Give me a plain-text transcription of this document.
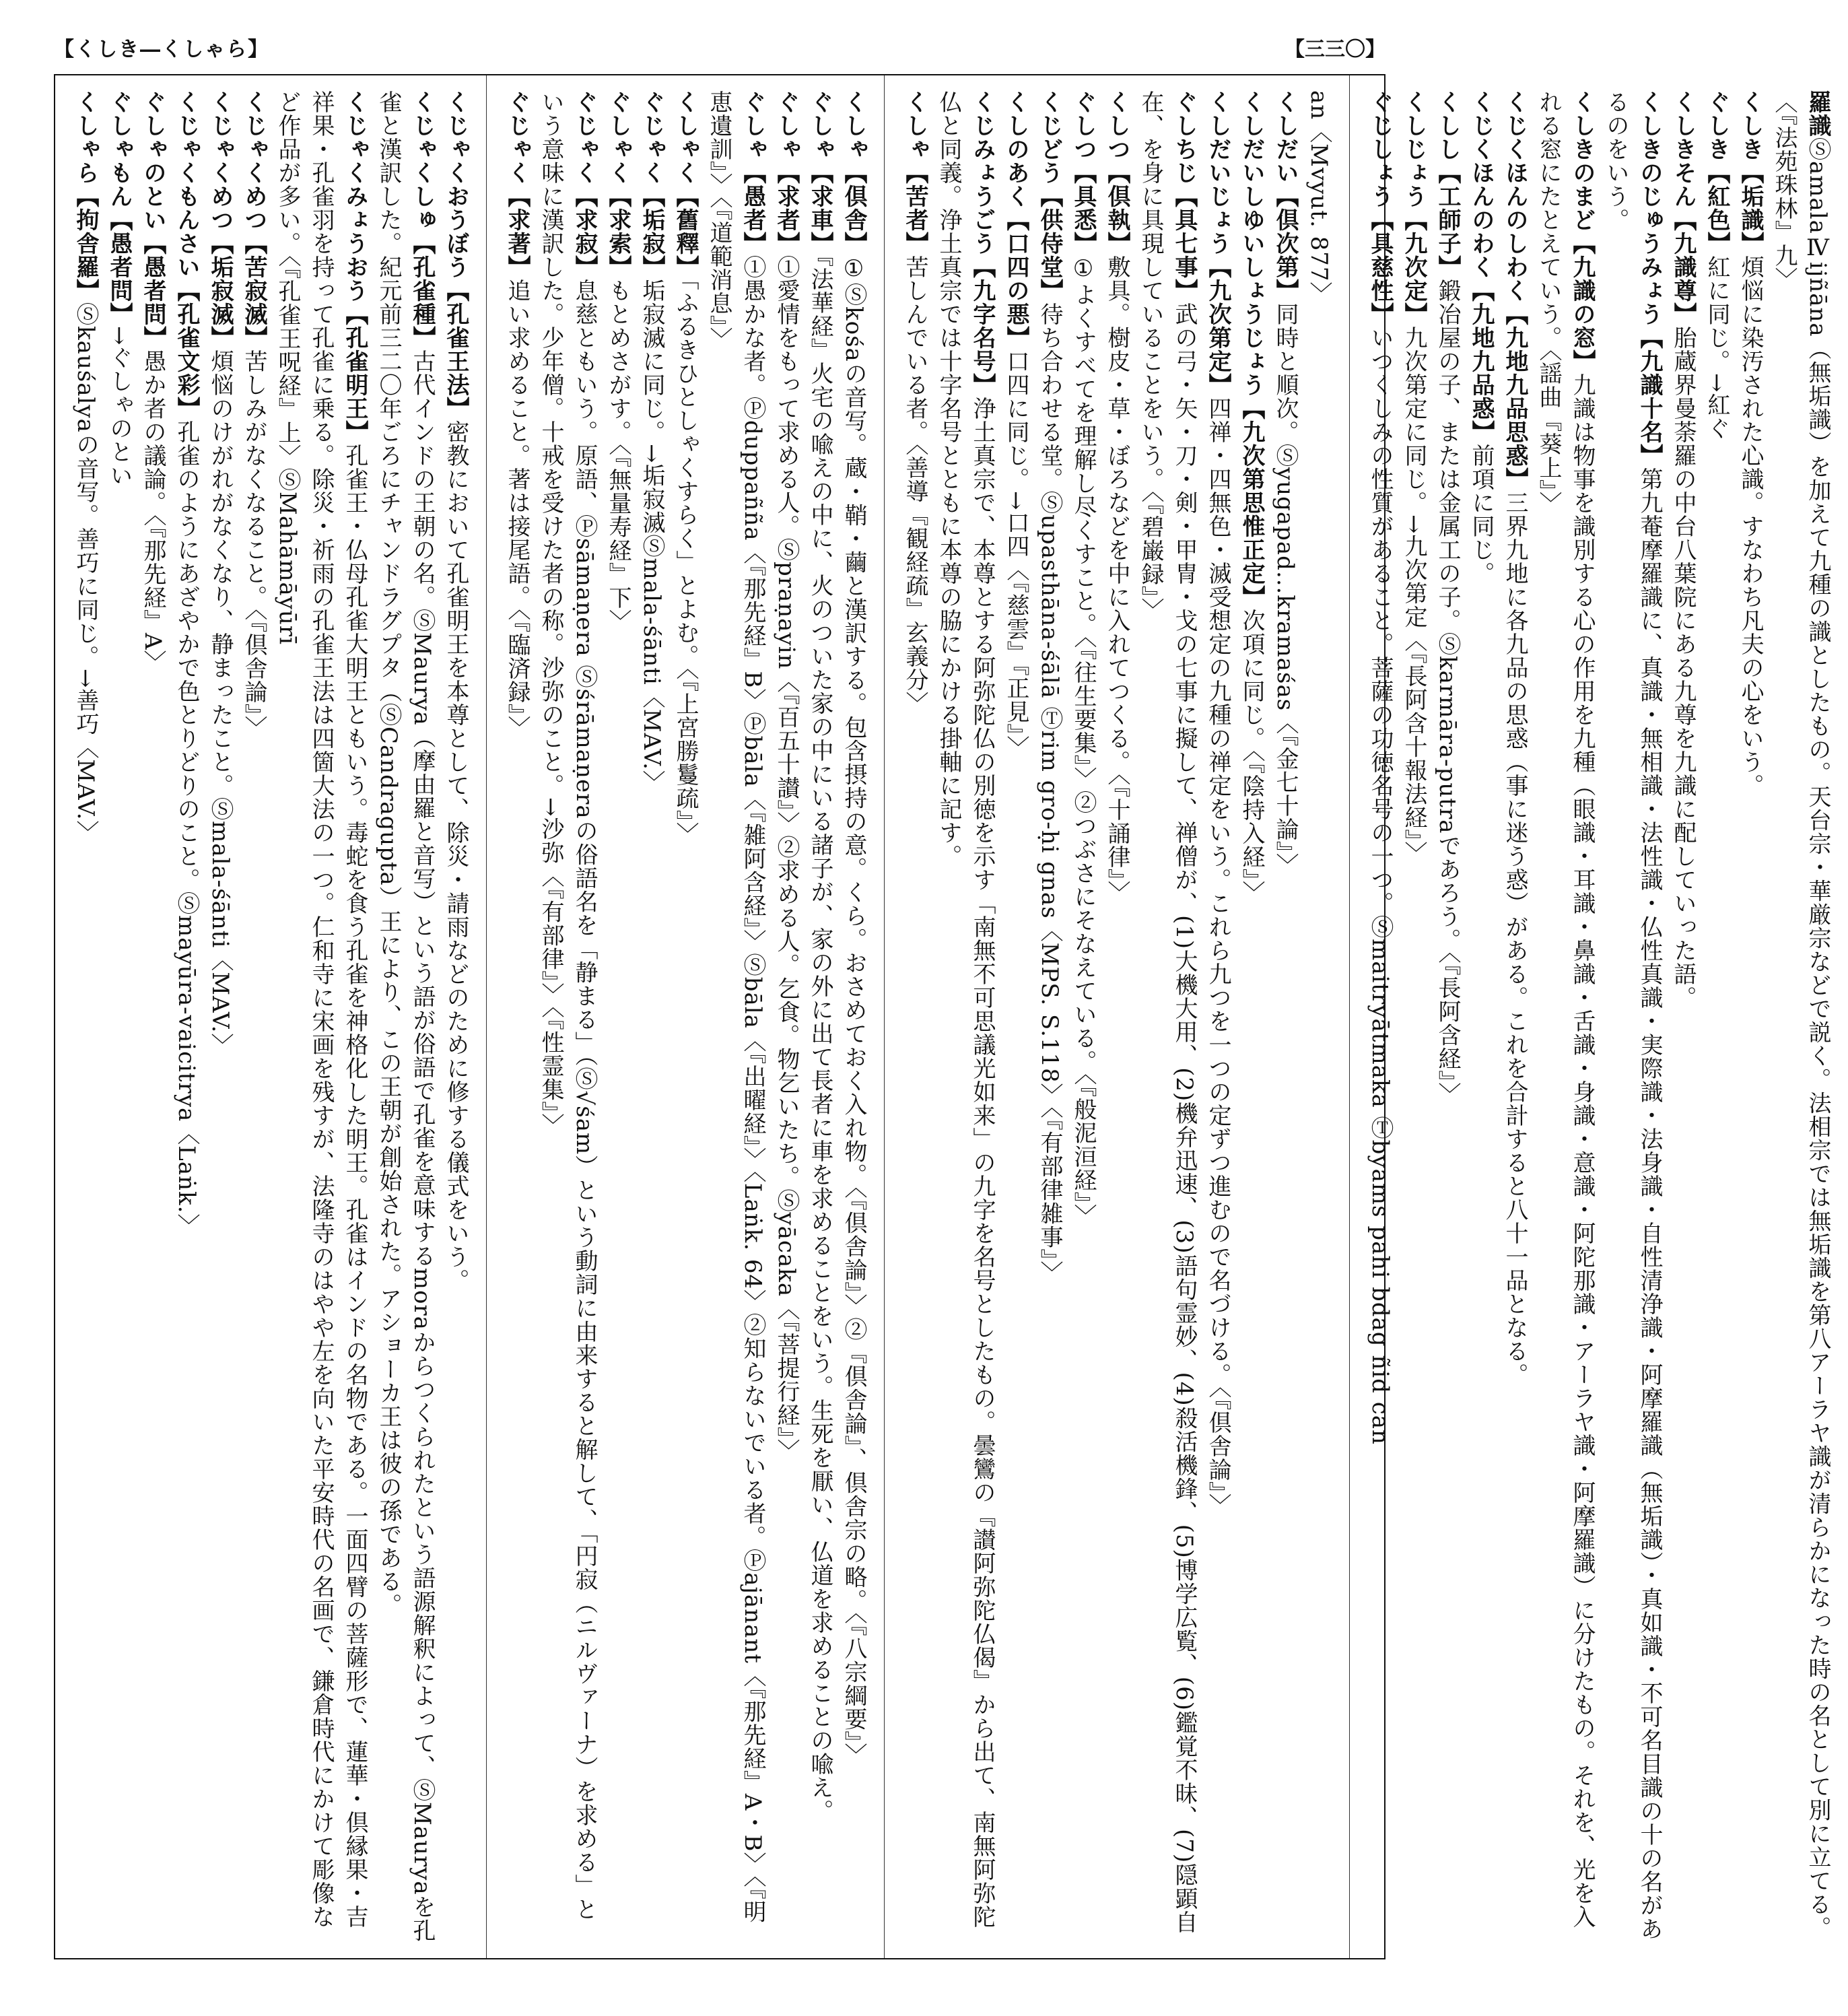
【くしき―くしゃら】	【三三〇】

くじゃくおうぼう【孔雀王法】密教において孔雀明王を本尊として、除災・請雨などのために修する儀式をいう。

くじゃくしゅ【孔雀種】古代インドの王朝の名。ⓈMaurya（摩由羅と音写）という語が俗語で孔雀を意味するmoraからつくられたという語源解釈によって、ⓈMauryaを孔雀と漢訳した。紀元前三二〇年ごろにチャンドラグプタ（ⓈCandragupta）王により、この王朝が創始された。アショーカ王は彼の孫である。

くじゃくみょうおう【孔雀明王】孔雀王・仏母孔雀大明王ともいう。毒蛇を食う孔雀を神格化した明王。孔雀はインドの名物である。一面四臂の菩薩形で、蓮華・倶縁果・吉祥果・孔雀羽を持って孔雀に乗る。除災・祈雨の孔雀王法は四箇大法の一つ。仁和寺に宋画を残すが、法隆寺のはやや左を向いた平安時代の名画で、鎌倉時代にかけて彫像など作品が多い。〈『孔雀王呪経』上〉ⓈMahāmāyūrī

くじゃくめつ【苦寂滅】苦しみがなくなること。〈『倶舎論』〉

くじゃくめつ【垢寂滅】煩悩のけがれがなくなり、静まったこと。Ⓢmala-śānti〈MAV.〉

くじゃくもんさい【孔雀文彩】孔雀のようにあざやかで色とりどりのこと。Ⓢmayūra-vaicitrya〈Laṅk.〉

ぐしゃのとい【愚者問】愚か者の議論。〈『那先経』A〉

ぐしゃもん【愚者問】→ぐしゃのとい

くしゃら【拘舎羅】Ⓢkauśalyaの音写。善巧に同じ。→善巧〈MAV.〉

くしゃ【倶舎】①Ⓢkośaの音写。蔵・鞘・繭と漢訳する。包含摂持の意。くら。おさめておく入れ物。〈『倶舎論』〉②『倶舎論』、倶舎宗の略。〈『八宗綱要』〉

ぐしゃ【求車】『法華経』火宅の喩えの中に、火のついた家の中にいる諸子が、家の外に出て長者に車を求めることをいう。生死を厭い、仏道を求めることの喩え。

ぐしゃ【求者】①愛情をもって求める人。Ⓢpraṇayin〈『百五十讃』〉②求める人。乞食。物乞いたち。Ⓢyācaka〈『菩提行経』〉

ぐしゃ【愚者】①愚かな者。Ⓟduppañña〈『那先経』B〉Ⓟbāla〈『雑阿含経』〉Ⓢbāla〈『出曜経』〉〈Laṅk. 64〉②知らないでいる者。Ⓟajānant〈『那先経』A・B〉〈『明恵遺訓』〉〈『道範消息』〉

くしゃく【舊釋】「ふるきひとしゃくすらく」とよむ。〈『上宮勝鬘疏』〉

ぐじゃく【垢寂】垢寂滅に同じ。→垢寂滅Ⓢmala-śānti〈MAV.〉

ぐしゃく【求索】もとめさがす。〈『無量寿経』下〉

ぐじゃく【求寂】息慈ともいう。原語、Ⓟsāmaṇera Ⓢśrāmaṇeraの俗語名を「静まる」（Ⓢ√śam）という動詞に由来すると解して、「円寂（ニルヴァーナ）を求める」という意味に漢訳した。少年僧。十戒を受けた者の称。沙弥のこと。→沙弥〈『有部律』〉〈『性霊集』〉

ぐじゃく【求著】追い求めること。著は接尾語。〈『臨済録』〉

an〈Mvyut. 877〉

くしだい【倶次第】同時と順次。Ⓢyugapad...kramaśas〈『金七十論』〉

くしだいしゆいしょうじょう【九次第思惟正定】次項に同じ。〈『陰持入経』〉

くしだいじょう【九次第定】四禅・四無色・滅受想定の九種の禅定をいう。これら九つを一つの定ずつ進むので名づける。〈『倶舎論』〉

ぐしちじ【具七事】武の弓・矢・刀・剣・甲冑・戈の七事に擬して、禅僧が、(1)大機大用、(2)機弁迅速、(3)語句霊妙、(4)殺活機鋒、(5)博学広覧、(6)鑑覚不昧、(7)隠顕自在、を身に具現していることをいう。〈『碧巌録』〉

くしつ【倶執】敷具。樹皮・草・ぼろなどを中に入れてつくる。〈『十誦律』〉

ぐしつ【具悉】①よくすべてを理解し尽くすこと。〈『往生要集』〉②つぶさにそなえている。〈『般泥洹経』〉

くじどう【供侍堂】待ち合わせる堂。Ⓢupasthāna-śālā Ⓣrim gro-ḥi gnas〈MPS. S.118〉〈『有部律雑事』〉

くしのあく【口四の悪】口四に同じ。→口四〈『慈雲』『正見』〉

くじみょうごう【九字名号】浄土真宗で、本尊とする阿弥陀仏の別徳を示す「南無不可思議光如来」の九字を名号としたもの。曇鸞の『讃阿弥陀仏偈』から出て、南無阿弥陀仏と同義。浄土真宗では十字名号とともに本尊の脇にかける掛軸に記す。

くしゃ【苦者】苦しんでいる者。〈善導『観経疏』玄義分〉

羅識ⓈamalaⅣijñāna（無垢識）を加えて九種の識としたもの。天台宗・華厳宗などで説く。法相宗では無垢識を第八アーラヤ識が清らかになった時の名として別に立てる。〈『法苑珠林』九〉

くしき【垢識】煩悩に染汚された心識。すなわち凡夫の心をいう。

ぐしき【紅色】紅に同じ。→紅ぐ

くしきそん【九識尊】胎蔵界曼荼羅の中台八葉院にある九尊を九識に配していった語。

くしきのじゅうみょう【九識十名】第九菴摩羅識に、真識・無相識・法性識・仏性真識・実際識・法身識・自性清浄識・阿摩羅識（無垢識）・真如識・不可名目識の十の名があるのをいう。

くしきのまど【九識の窓】九識は物事を識別する心の作用を九種（眼識・耳識・鼻識・舌識・身識・意識・阿陀那識・アーラヤ識・阿摩羅識）に分けたもの。それを、光を入れる窓にたとえていう。〈謡曲『葵上』〉

くじくほんのしわく【九地九品思惑】三界九地に各九品の思惑（事に迷う惑）がある。これを合計すると八十一品となる。

くじくほんのわく【九地九品惑】前項に同じ。

くしし【工師子】鍛冶屋の子、または金属工の子。Ⓢkarmāra-putraであろう。〈『長阿含経』〉

くしじょう【九次定】九次第定に同じ。→九次第定〈『長阿含十報法経』〉

ぐじしょう【具慈性】いつくしみの性質があること。菩薩の功徳名号の一つ。Ⓢmaitryātmaka Ⓣbyams pahi bdag ñid can
